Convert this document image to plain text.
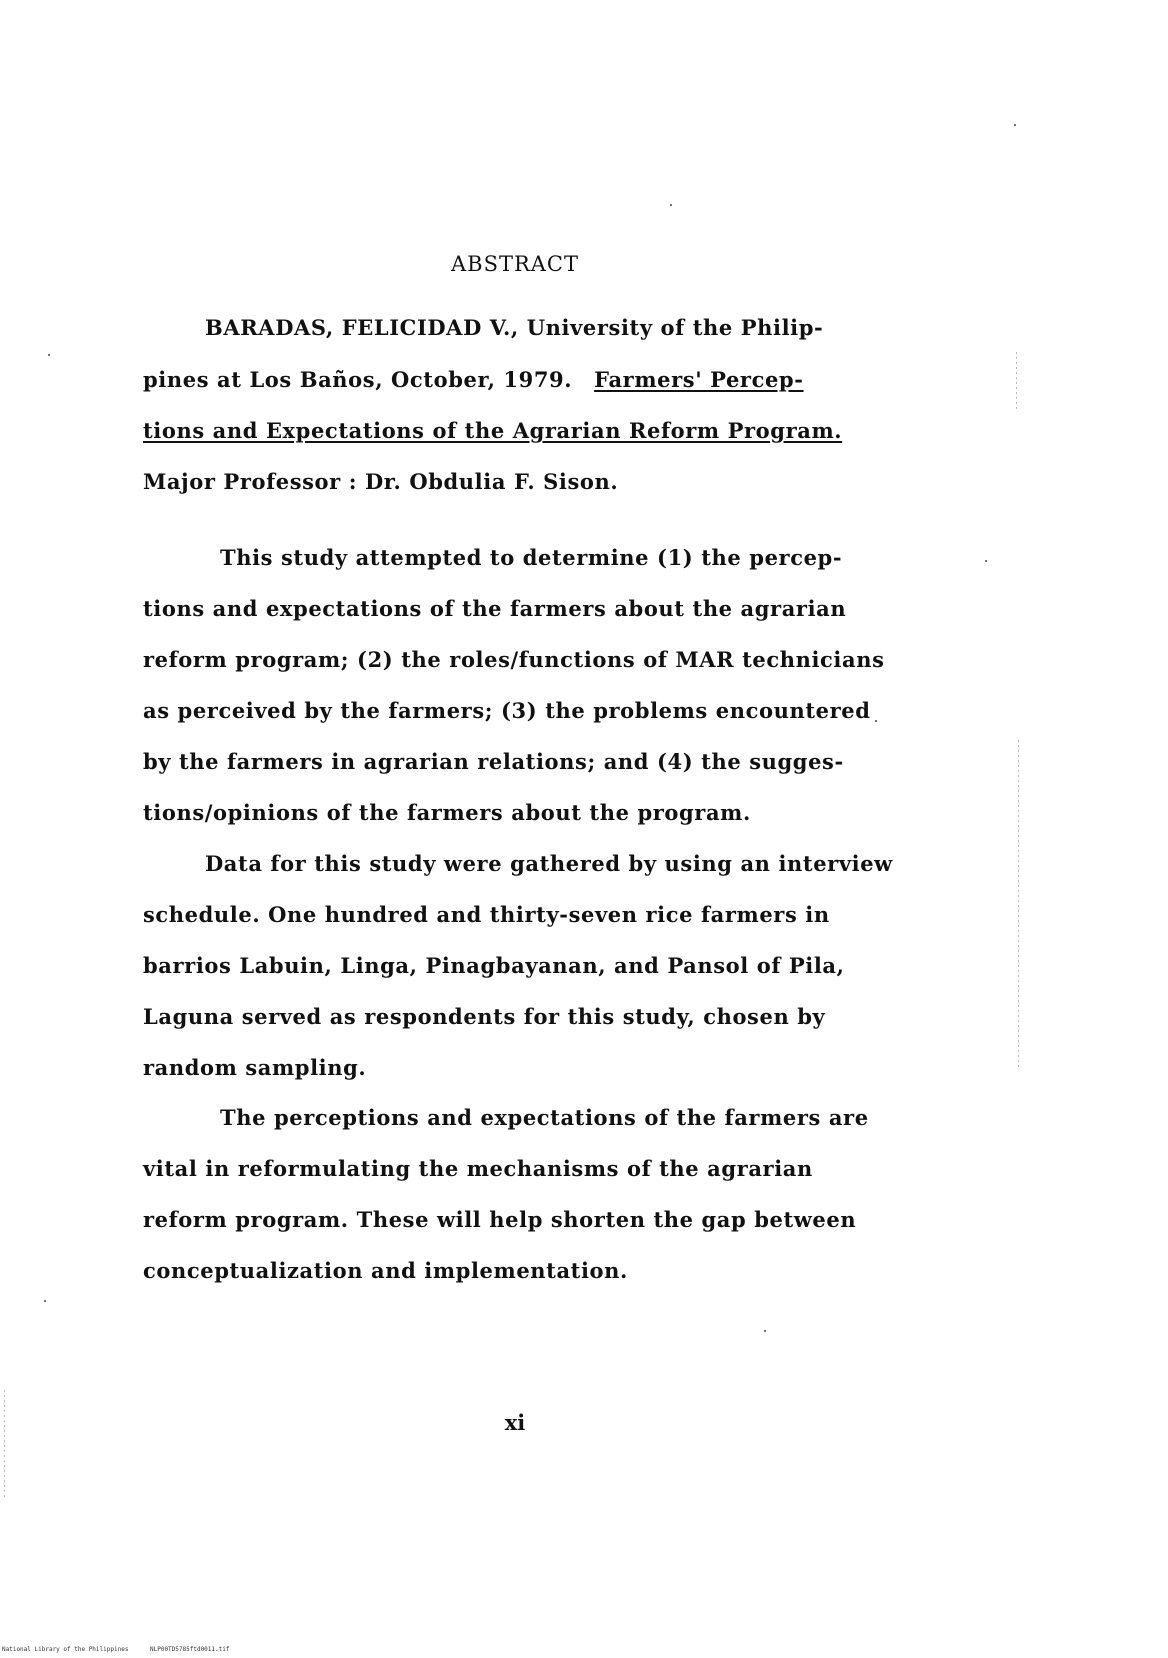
ABSTRACT
BARADAS, FELICIDAD V., University of the Philip-
pines at Los Baños, October, 1979. Farmers' Percep-
tions and Expectations of the Agrarian Reform Program.
Major Professor : Dr. Obdulia F. Sison.
This study attempted to determine (1) the percep-
tions and expectations of the farmers about the agrarian
reform program; (2) the roles/functions of MAR technicians
as perceived by the farmers; (3) the problems encountered
by the farmers in agrarian relations; and (4) the sugges-
tions/opinions of the farmers about the program.
Data for this study were gathered by using an interview
schedule. One hundred and thirty-seven rice farmers in
barrios Labuin, Linga, Pinagbayanan, and Pansol of Pila,
Laguna served as respondents for this study, chosen by
random sampling.
The perceptions and expectations of the farmers are
vital in reformulating the mechanisms of the agrarian
reform program. These will help shorten the gap between
conceptualization and implementation.
xi
National Library of the Philippines	NLP00TD5785ftd0011.tif
